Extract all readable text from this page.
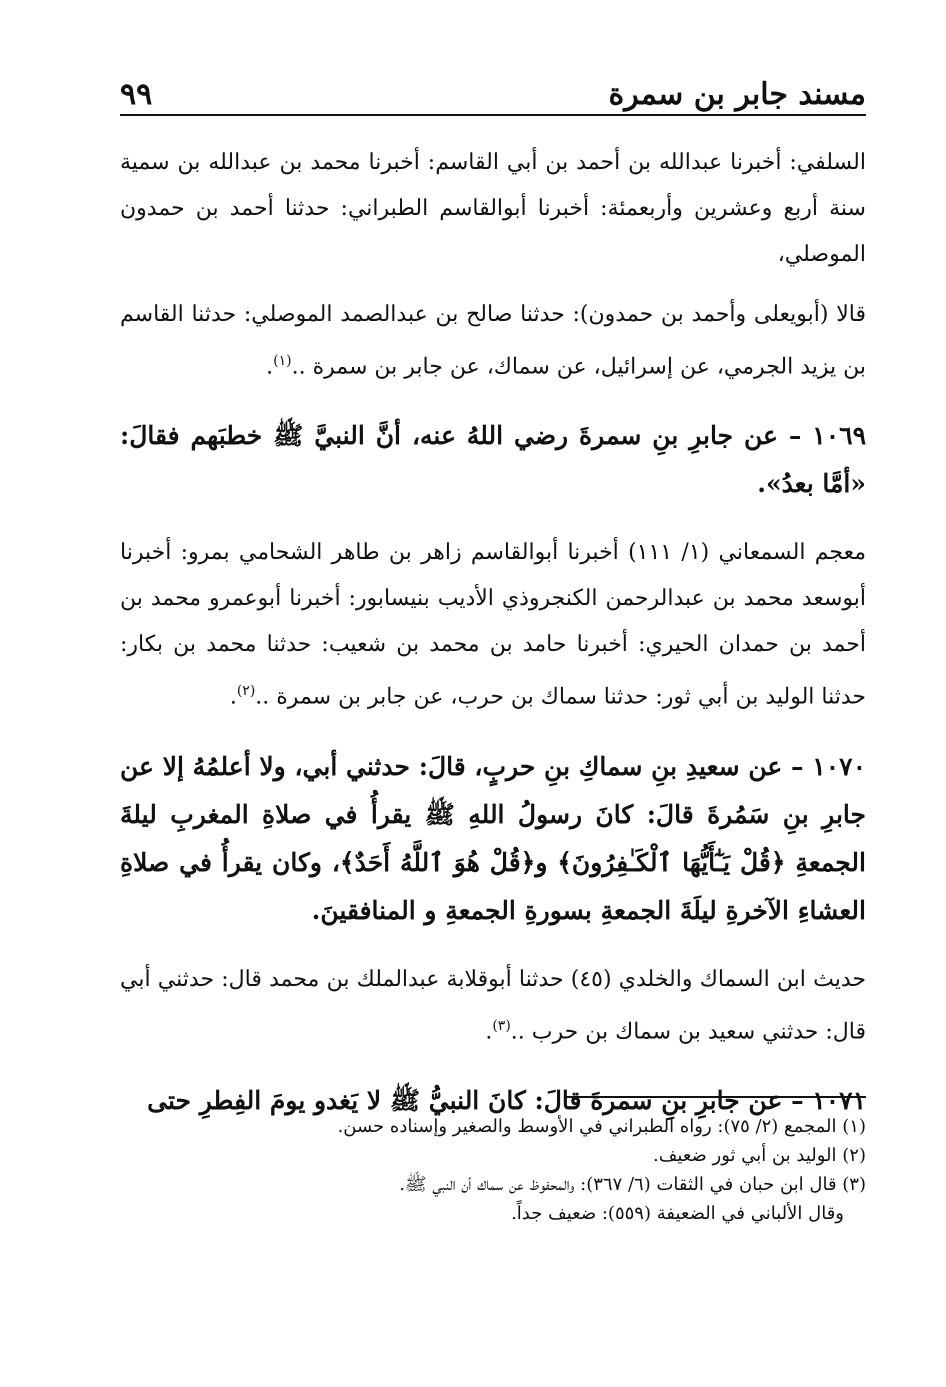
مسند جابر بن سمرة
٩٩

السلفي: أخبرنا عبدالله بن أحمد بن أبي القاسم: أخبرنا محمد بن عبدالله بن سمية سنة أربع وعشرين وأربعمئة: أخبرنا أبوالقاسم الطبراني: حدثنا أحمد بن حمدون الموصلي،

قالا (أبويعلى وأحمد بن حمدون): حدثنا صالح بن عبدالصمد الموصلي: حدثنا القاسم بن يزيد الجرمي، عن إسرائيل، عن سماك، عن جابر بن سمرة ..$^{(١)}$.

١٠٦٩ – عن جابرِ بنِ سمرةَ رضي اللهُ عنه، أنَّ النبيَّ ﷺ خطبَهم فقالَ: «أمَّا بعدُ».

معجم السمعاني (١/ ١١١) أخبرنا أبوالقاسم زاهر بن طاهر الشحامي بمرو: أخبرنا أبوسعد محمد بن عبدالرحمن الكنجروذي الأديب بنيسابور: أخبرنا أبوعمرو محمد بن أحمد بن حمدان الحيري: أخبرنا حامد بن محمد بن شعيب: حدثنا محمد بن بكار: حدثنا الوليد بن أبي ثور: حدثنا سماك بن حرب، عن جابر بن سمرة ..$^{(٢)}$.

١٠٧٠ – عن سعيدِ بنِ سماكِ بنِ حربٍ، قالَ: حدثني أبي، ولا أعلمُهُ إلا عن جابرِ بنِ سَمُرةَ قالَ: كانَ رسولُ اللهِ ﷺ يقرأُ في صلاةِ المغربِ ليلةَ الجمعةِ ﴿قُلْ يَـٰٓأَيُّهَا ٱلْكَـٰفِرُونَ﴾ و﴿قُلْ هُوَ ٱللَّهُ أَحَدٌ﴾، وكان يقرأُ في صلاةِ العشاءِ الآخرةِ ليلَةَ الجمعةِ بسورةِ الجمعةِ و المنافقينَ.

حديث ابن السماك والخلدي (٤٥) حدثنا أبوقلابة عبدالملك بن محمد قال: حدثني أبي قال: حدثني سعيد بن سماك بن حرب ..$^{(٣)}$.

١٠٧١ – عن جابرِ بنِ سمرةَ قالَ: كانَ النبيُّ ﷺ لا يَغدو يومَ الفِطرِ حتى

(١) المجمع (٢/ ٧٥): رواه الطبراني في الأوسط والصغير وإسناده حسن.

(٢) الوليد بن أبي ثور ضعيف.

(٣) قال ابن حبان في الثقات (٦/ ٣٦٧): والمحفوظ عن سماك أن النبي ﷺ.

وقال الألباني في الضعيفة (٥٥٩): ضعيف جداً.
